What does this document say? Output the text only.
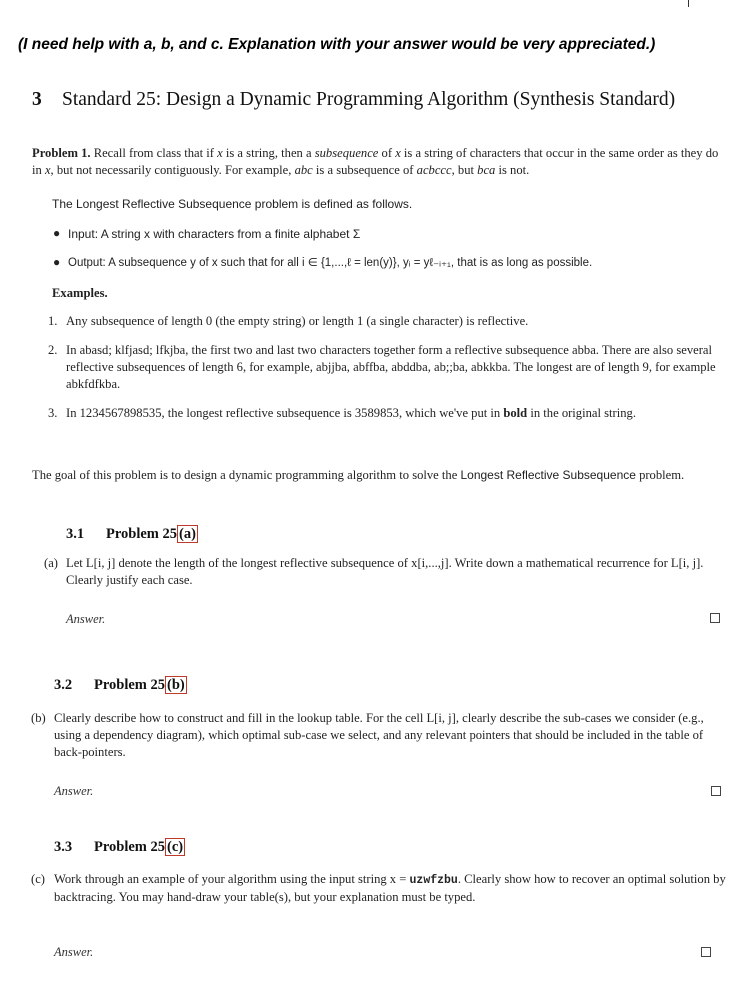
(I need help with a, b, and c. Explanation with your answer would be very appreciated.)
3 Standard 25: Design a Dynamic Programming Algorithm (Synthesis Standard)
Problem 1. Recall from class that if x is a string, then a subsequence of x is a string of characters that occur in the same order as they do in x, but not necessarily contiguously. For example, abc is a subsequence of acbccc, but bca is not.
The Longest Reflective Subsequence problem is defined as follows.
● Input: A string x with characters from a finite alphabet Σ
● Output: A subsequence y of x such that for all i ∈ {1,...,ℓ = len(y)}, yᵢ = yℓ₋ᵢ₊₁, that is as long as possible.
Examples.
1. Any subsequence of length 0 (the empty string) or length 1 (a single character) is reflective.
2. In abasd; klfjasd; lfkjba, the first two and last two characters together form a reflective subsequence abba. There are also several reflective subsequences of length 6, for example, abjjba, abffba, abddba, ab;;ba, abkkba. The longest are of length 9, for example abkfdfkba.
3. In 1234567898535, the longest reflective subsequence is 3589853, which we've put in bold in the original string.
The goal of this problem is to design a dynamic programming algorithm to solve the Longest Reflective Subsequence problem.
3.1 Problem 25 (a)
(a) Let L[i, j] denote the length of the longest reflective subsequence of x[i,...,j]. Write down a mathematical recurrence for L[i, j]. Clearly justify each case.
Answer.
3.2 Problem 25 (b)
(b) Clearly describe how to construct and fill in the lookup table. For the cell L[i, j], clearly describe the sub-cases we consider (e.g., using a dependency diagram), which optimal sub-case we select, and any relevant pointers that should be included in the table of back-pointers.
Answer.
3.3 Problem 25 (c)
(c) Work through an example of your algorithm using the input string x = uzwfzbu. Clearly show how to recover an optimal solution by backtracing. You may hand-draw your table(s), but your explanation must be typed.
Answer.
